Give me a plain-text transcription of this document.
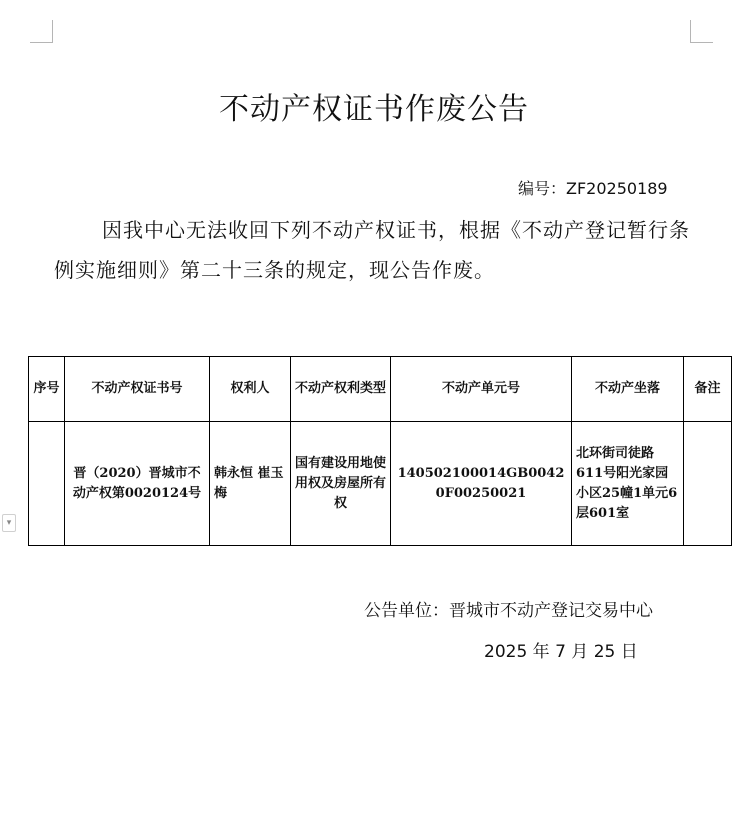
不动产权证书作废公告
编号：ZF20250189
因我中心无法收回下列不动产权证书，根据《不动产登记暂行条例实施细则》第二十三条的规定，现公告作废。
序号	不动产权证书号	权利人	不动产权利类型	不动产单元号	不动产坐落	备注
	晋（2020）晋城市不动产权第0020124号	韩永恒 崔玉梅	国有建设用地使用权及房屋所有权	140502100014GB00420F00250021	北环街司徒路611号阳光家园小区25幢1单元6层601室	
▾
公告单位：晋城市不动产登记交易中心
2025 年 7 月 25 日
